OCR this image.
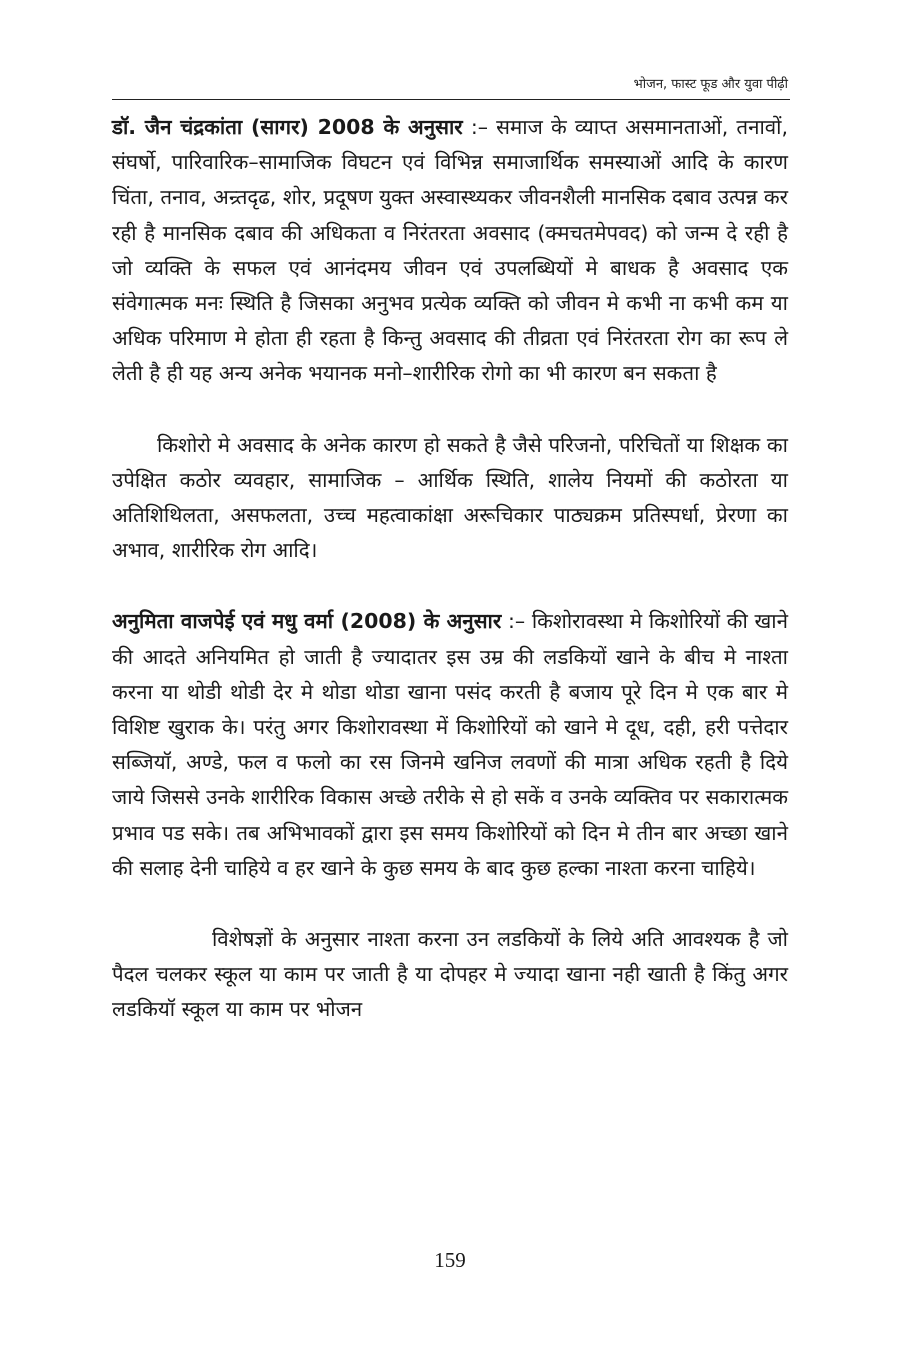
भोजन, फास्ट फूड और युवा पीढ़ी

डॉ. जैन चंद्रकांता (सागर) 2008 के अनुसार :– समाज के व्याप्त असमानताओं, तनावों, संघर्षो, पारिवारिक–सामाजिक विघटन एवं विभिन्न समाजार्थिक समस्याओं आदि के कारण चिंता, तनाव, अन्र्तदृढ, शोर, प्रदूषण युक्त अस्वास्थ्यकर जीवनशैली मानसिक दबाव उत्पन्न कर रही है मानसिक दबाव की अधिकता व निरंतरता अवसाद (क्मचतमेपवद) को जन्म दे रही है जो व्यक्ति के सफल एवं आनंदमय जीवन एवं उपलब्धियों मे बाधक है अवसाद एक संवेगात्मक मनः स्थिति है जिसका अनुभव प्रत्येक व्यक्ति को जीवन मे कभी ना कभी कम या अधिक परिमाण मे होता ही रहता है किन्तु अवसाद की तीव्रता एवं निरंतरता रोग का रूप ले लेती है ही यह अन्य अनेक भयानक मनो–शारीरिक रोगो का भी कारण बन सकता है

किशोरो मे अवसाद के अनेक कारण हो सकते है जैसे परिजनो, परिचितों या शिक्षक का उपेक्षित कठोर व्यवहार, सामाजिक – आर्थिक स्थिति, शालेय नियमों की कठोरता या अतिशिथिलता, असफलता, उच्च महत्वाकांक्षा अरूचिकार पाठ्यक्रम प्रतिस्पर्धा, प्रेरणा का अभाव, शारीरिक रोग आदि।

अनुमिता वाजपेई एवं मधु वर्मा (2008) के अनुसार :– किशोरावस्था मे किशोरियों की खाने की आदते अनियमित हो जाती है ज्यादातर इस उम्र की लडकियों खाने के बीच मे नाश्ता करना या थोडी थोडी देर मे थोडा थोडा खाना पसंद करती है बजाय पूरे दिन मे एक बार मे विशिष्ट खुराक के। परंतु अगर किशोरावस्था में किशोरियों को खाने मे दूध, दही, हरी पत्तेदार सब्जियॉ, अण्डे, फल व फलो का रस जिनमे खनिज लवणों की मात्रा अधिक रहती है दिये जाये जिससे उनके शारीरिक विकास अच्छे तरीके से हो सकें व उनके व्यक्तिव पर सकारात्मक प्रभाव पड सके। तब अभिभावकों द्वारा इस समय किशोरियों को दिन मे तीन बार अच्छा खाने की सलाह देनी चाहिये व हर खाने के कुछ समय के बाद कुछ हल्का नाश्ता करना चाहिये।

विशेषज्ञों के अनुसार नाश्ता करना उन लडकियों के लिये अति आवश्यक है जो पैदल चलकर स्कूल या काम पर जाती है या दोपहर मे ज्यादा खाना नही खाती है किंतु अगर लडकियॉ स्कूल या काम पर भोजन

159
